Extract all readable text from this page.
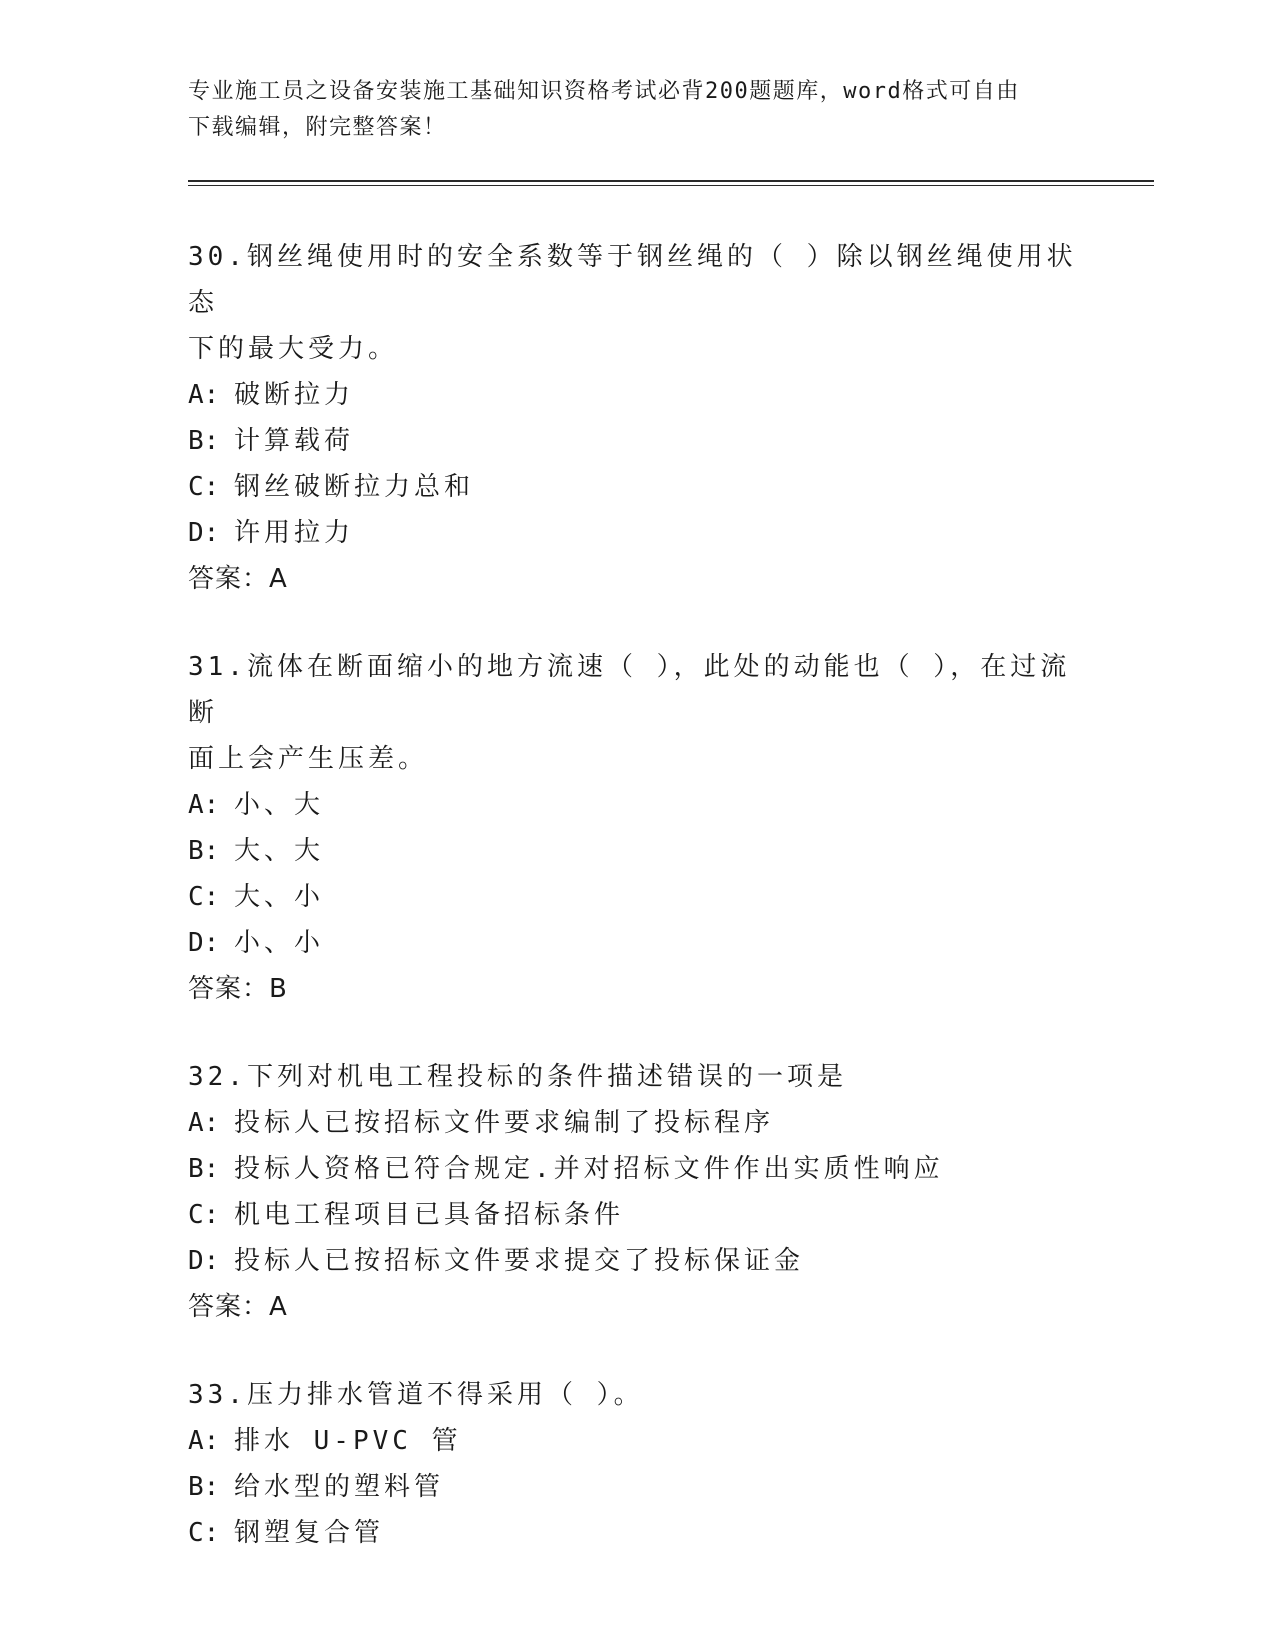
专业施工员之设备安装施工基础知识资格考试必背200题题库，word格式可自由
下载编辑，附完整答案！
30.钢丝绳使用时的安全系数等于钢丝绳的（ ）除以钢丝绳使用状态
下的最大受力。
A: 破断拉力
B: 计算载荷
C: 钢丝破断拉力总和
D: 许用拉力
答案：A
31.流体在断面缩小的地方流速（ ），此处的动能也（ ），在过流断
面上会产生压差。
A: 小、大
B: 大、大
C: 大、小
D: 小、小
答案：B
32.下列对机电工程投标的条件描述错误的一项是
A: 投标人已按招标文件要求编制了投标程序
B: 投标人资格已符合规定.并对招标文件作出实质性响应
C: 机电工程项目已具备招标条件
D: 投标人已按招标文件要求提交了投标保证金
答案：A
33.压力排水管道不得采用（ ）。
A: 排水 U-PVC 管
B: 给水型的塑料管
C: 钢塑复合管
